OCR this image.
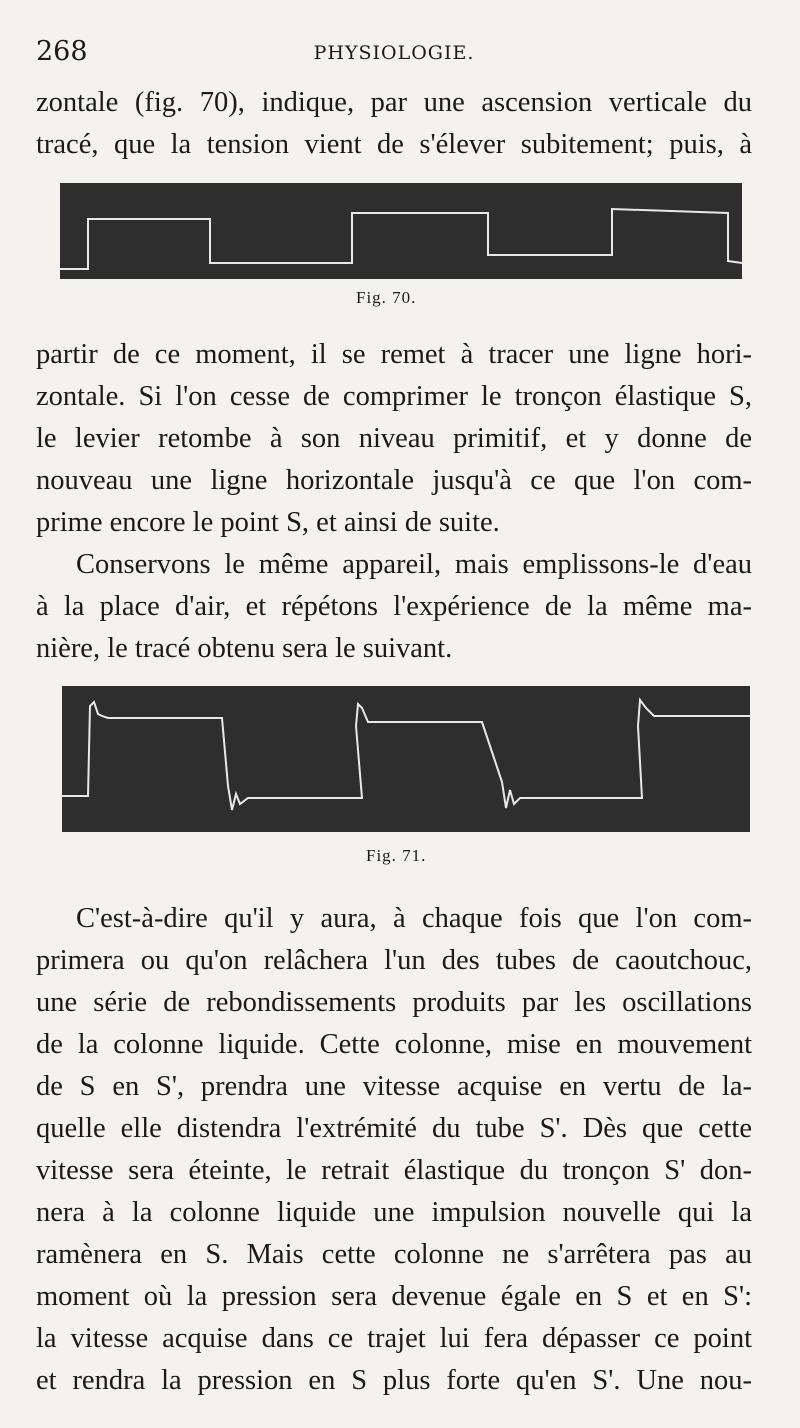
268	PHYSIOLOGIE.
zontale (fig. 70), indique, par une ascension verticale du
tracé, que la tension vient de s'élever subitement; puis, à
Fig. 70.
partir de ce moment, il se remet à tracer une ligne hori-
zontale. Si l'on cesse de comprimer le tronçon élastique S,
le levier retombe à son niveau primitif, et y donne de
nouveau une ligne horizontale jusqu'à ce que l'on com-
prime encore le point S, et ainsi de suite.
Conservons le même appareil, mais emplissons-le d'eau
à la place d'air, et répétons l'expérience de la même ma-
nière, le tracé obtenu sera le suivant.
Fig. 71.
C'est-à-dire qu'il y aura, à chaque fois que l'on com-
primera ou qu'on relâchera l'un des tubes de caoutchouc,
une série de rebondissements produits par les oscillations
de la colonne liquide. Cette colonne, mise en mouvement
de S en S', prendra une vitesse acquise en vertu de la-
quelle elle distendra l'extrémité du tube S'. Dès que cette
vitesse sera éteinte, le retrait élastique du tronçon S' don-
nera à la colonne liquide une impulsion nouvelle qui la
ramènera en S. Mais cette colonne ne s'arrêtera pas au
moment où la pression sera devenue égale en S et en S':
la vitesse acquise dans ce trajet lui fera dépasser ce point
et rendra la pression en S plus forte qu'en S'. Une nou-
